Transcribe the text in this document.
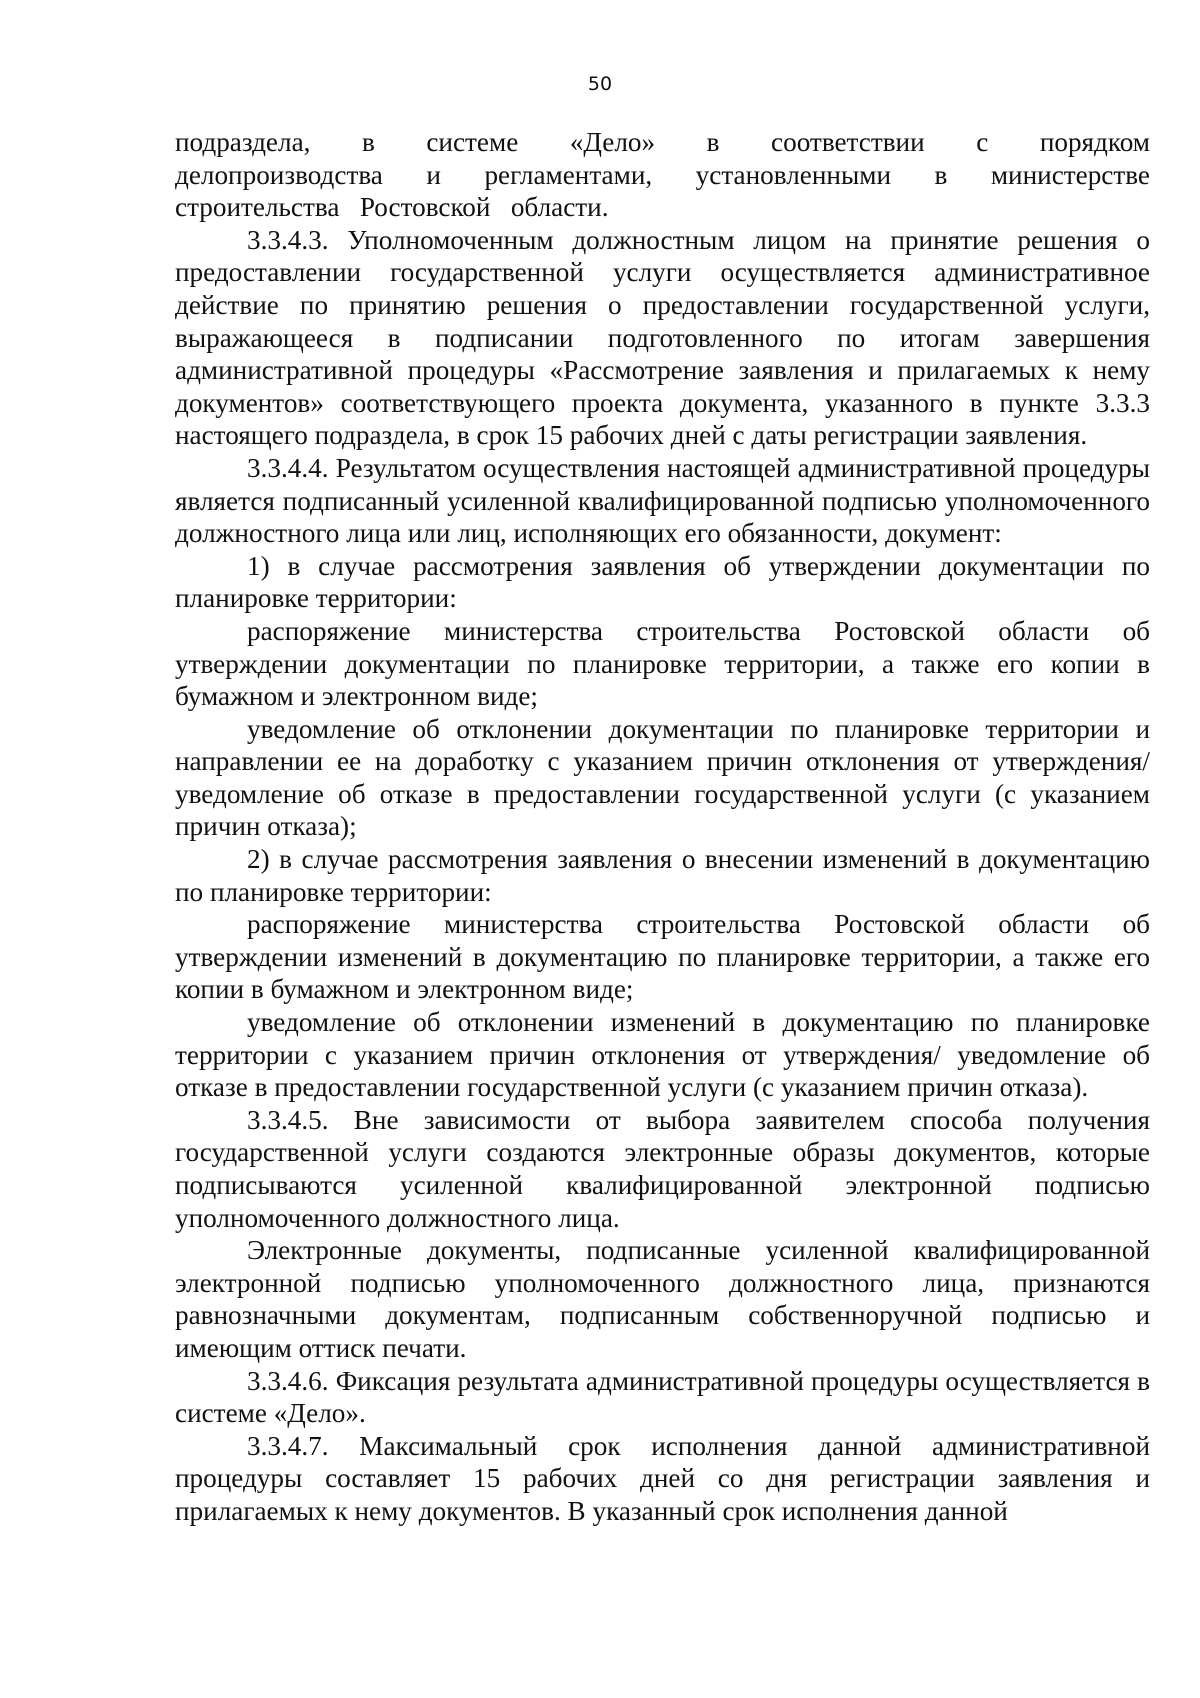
50

подраздела, в системе «Дело» в соответствии с порядком делопроизводства и регламентами, установленными в министерстве строительства Ростовской области.

3.3.4.3. Уполномоченным должностным лицом на принятие решения о предоставлении государственной услуги осуществляется административное действие по принятию решения о предоставлении государственной услуги, выражающееся в подписании подготовленного по итогам завершения административной процедуры «Рассмотрение заявления и прилагаемых к нему документов» соответствующего проекта документа, указанного в пункте 3.3.3 настоящего подраздела, в срок 15 рабочих дней с даты регистрации заявления.

3.3.4.4. Результатом осуществления настоящей административной процедуры является подписанный усиленной квалифицированной подписью уполномоченного должностного лица или лиц, исполняющих его обязанности, документ:

1) в случае рассмотрения заявления об утверждении документации по планировке территории:

распоряжение министерства строительства Ростовской области об утверждении документации по планировке территории, а также его копии в бумажном и электронном виде;

уведомление об отклонении документации по планировке территории и направлении ее на доработку с указанием причин отклонения от утверждения/уведомление об отказе в предоставлении государственной услуги (с указанием причин отказа);

2) в случае рассмотрения заявления о внесении изменений в документацию по планировке территории:

распоряжение министерства строительства Ростовской области об утверждении изменений в документацию по планировке территории, а также его копии в бумажном и электронном виде;

уведомление об отклонении изменений в документацию по планировке территории с указанием причин отклонения от утверждения/ уведомление об отказе в предоставлении государственной услуги (с указанием причин отказа).

3.3.4.5. Вне зависимости от выбора заявителем способа получения государственной услуги создаются электронные образы документов, которые подписываются усиленной квалифицированной электронной подписью уполномоченного должностного лица.

Электронные документы, подписанные усиленной квалифицированной электронной подписью уполномоченного должностного лица, признаются равнозначными документам, подписанным собственноручной подписью и имеющим оттиск печати.

3.3.4.6. Фиксация результата административной процедуры осуществляется в системе «Дело».

3.3.4.7. Максимальный срок исполнения данной административной процедуры составляет 15 рабочих дней со дня регистрации заявления и прилагаемых к нему документов. В указанный срок исполнения данной
